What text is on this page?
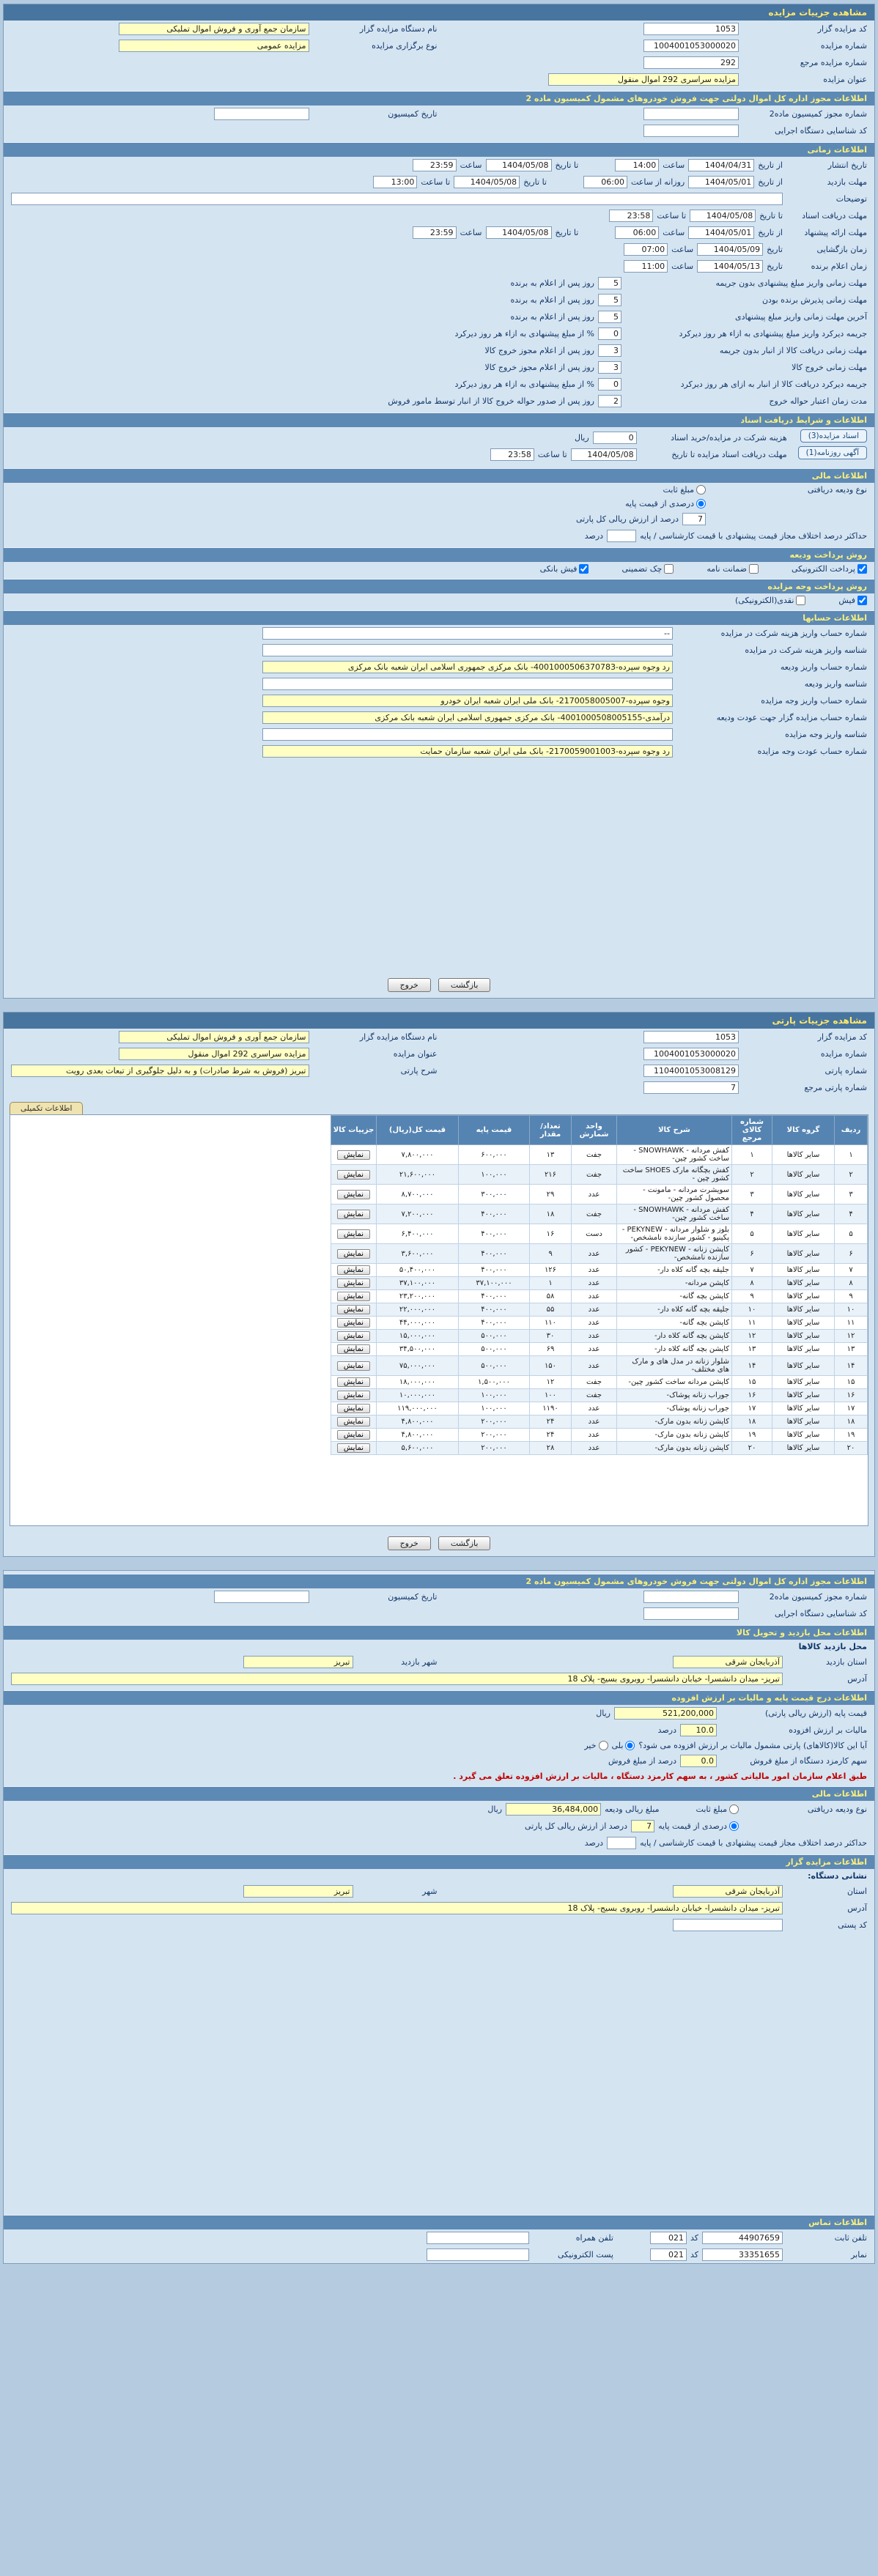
مشاهده جزییات مزایده
کد مزایده گزار
1053
نام دستگاه مزایده گزار
سازمان جمع آوری و فروش اموال تملیکی
شماره مزایده
1004001053000020
نوع برگزاری مزایده
مزایده عمومی
شماره مزایده مرجع
292
عنوان مزایده
مزایده سراسری 292 اموال منقول
اطلاعات مجوز اداره کل اموال دولتی جهت فروش خودروهای مشمول کمیسیون ماده 2
شماره مجوز کمیسیون ماده2
تاریخ کمیسیون
کد شناسایی دستگاه اجرایی
اطلاعات زمانی
تاریخ انتشار
از تاریخ
1404/04/31
ساعت
14:00
تا تاریخ
1404/05/08
ساعت
23:59
مهلت بازدید
از تاریخ
1404/05/01
روزانه از ساعت
06:00
تا تاریخ
1404/05/08
تا ساعت
13:00
توضیحات
مهلت دریافت اسناد
تا تاریخ
1404/05/08
تا ساعت
23:58
مهلت ارائه پیشنهاد
از تاریخ
1404/05/01
ساعت
06:00
تا تاریخ
1404/05/08
ساعت
23:59
زمان بازگشایی
تاریخ
1404/05/09
ساعت
07:00
زمان اعلام برنده
تاریخ
1404/05/13
ساعت
11:00
مهلت زمانی واریز مبلغ پیشنهادی بدون جریمه
5
روز پس از اعلام به برنده
مهلت زمانی پذیرش برنده بودن
5
روز پس از اعلام به برنده
آخرین مهلت زمانی واریز مبلغ پیشنهادی
5
روز پس از اعلام به برنده
جریمه دیرکرد واریز مبلغ پیشنهادی به ازاء هر روز دیرکرد
0
% از مبلغ پیشنهادی به ازاء هر روز دیرکرد
مهلت زمانی دریافت کالا از انبار بدون جریمه
3
روز پس از اعلام مجوز خروج کالا
مهلت زمانی خروج کالا
3
روز پس از اعلام مجوز خروج کالا
جریمه دیرکرد دریافت کالا از انبار به ازای هر روز دیرکرد
0
% از مبلغ پیشنهادی به ازاء هر روز دیرکرد
مدت زمان اعتبار حواله خروج
2
روز پس از صدور حواله خروج کالا از انبار توسط مامور فروش
اطلاعات و شرایط دریافت اسناد
اسناد مزایده(3)
آگهی روزنامه(1)
هزینه شرکت در مزایده/خرید اسناد
0
ریال
مهلت دریافت اسناد مزایده تا تاریخ
1404/05/08
تا ساعت
23:58
اطلاعات مالی
نوع ودیعه دریافتی
مبلغ ثابت
درصدی از قیمت پایه
7
درصد از ارزش ریالی کل پارتی
حداکثر درصد اختلاف مجاز قیمت پیشنهادی با قیمت کارشناسی / پایه
درصد
روش پرداخت ودیعه
پرداخت الکترونیکی
ضمانت نامه
چک تضمینی
فیش بانکی
روش پرداخت وجه مزایده
فیش
نقدی(الکترونیکی)
اطلاعات حسابها
شماره حساب واریز هزینه شرکت در مزایده
--
شناسه واریز هزینه شرکت در مزایده
شماره حساب واریز ودیعه
رد وجوه سپرده-4001000506370783- بانک مرکزی جمهوری اسلامی ایران شعبه بانک مرکزی
شناسه واریز ودیعه
شماره حساب واریز وجه مزایده
وجوه سپرده-2170058005007- بانک ملی ایران شعبه ایران خودرو
شماره حساب مزایده گزار جهت عودت ودیعه
درآمدی-4001000508005155- بانک مرکزی جمهوری اسلامی ایران شعبه بانک مرکزی
شناسه واریز وجه مزایده
شماره حساب عودت وجه مزایده
رد وجوه سپرده-2170059001003- بانک ملی ایران شعبه سازمان حمایت
بازگشت
خروج
مشاهده جزییات پارتی
کد مزایده گزار
1053
نام دستگاه مزایده گزار
سازمان جمع آوری و فروش اموال تملیکی
شماره مزایده
1004001053000020
عنوان مزایده
مزایده سراسری 292 اموال منقول
شماره پارتی
1104001053008129
شرح پارتی
تبریز (فروش به شرط صادرات) و به دلیل جلوگیری از تبعات بعدی رویت
شماره پارتی مرجع
7
اطلاعات تکمیلی
ردیف	گروه کالا	شماره کالای مرجع	شرح کالا	واحد شمارش	تعداد/ مقدار	قیمت پایه	قیمت کل(ریال)	جزییات کالا
۱	سایر کالاها	۱	کفش مردانه - SNOWHAWK - ساخت کشور چین-	جفت	۱۳	۶۰۰,۰۰۰	۷,۸۰۰,۰۰۰	نمایش
۲	سایر کالاها	۲	کفش بچگانه مارک SHOES ساخت کشور چین -	جفت	۲۱۶	۱۰۰,۰۰۰	۲۱,۶۰۰,۰۰۰	نمایش
۳	سایر کالاها	۳	سویشرت مردانه - مامونت - محصول کشور چین-	عدد	۲۹	۳۰۰,۰۰۰	۸,۷۰۰,۰۰۰	نمایش
۴	سایر کالاها	۴	کفش مردانه - SNOWHAWK - ساخت کشور چین-	جفت	۱۸	۴۰۰,۰۰۰	۷,۲۰۰,۰۰۰	نمایش
۵	سایر کالاها	۵	بلوز و شلوار مردانه - PEKYNEW - پکینیو - کشور سازنده نامشخص-	دست	۱۶	۴۰۰,۰۰۰	۶,۴۰۰,۰۰۰	نمایش
۶	سایر کالاها	۶	کاپشن زنانه - PEKYNEW - کشور سازنده نامشخص-	عدد	۹	۴۰۰,۰۰۰	۳,۶۰۰,۰۰۰	نمایش
۷	سایر کالاها	۷	جلیقه بچه گانه کلاه دار-	عدد	۱۲۶	۴۰۰,۰۰۰	۵۰,۴۰۰,۰۰۰	نمایش
۸	سایر کالاها	۸	کاپشن مردانه-	عدد	۱	۳۷,۱۰۰,۰۰۰	۳۷,۱۰۰,۰۰۰	نمایش
۹	سایر کالاها	۹	کاپشن بچه گانه-	عدد	۵۸	۴۰۰,۰۰۰	۲۳,۲۰۰,۰۰۰	نمایش
۱۰	سایر کالاها	۱۰	جلیقه بچه گانه کلاه دار-	عدد	۵۵	۴۰۰,۰۰۰	۲۲,۰۰۰,۰۰۰	نمایش
۱۱	سایر کالاها	۱۱	کاپشن بچه گانه-	عدد	۱۱۰	۴۰۰,۰۰۰	۴۴,۰۰۰,۰۰۰	نمایش
۱۲	سایر کالاها	۱۲	کاپشن بچه گانه کلاه دار-	عدد	۳۰	۵۰۰,۰۰۰	۱۵,۰۰۰,۰۰۰	نمایش
۱۳	سایر کالاها	۱۳	کاپشن بچه گانه کلاه دار-	عدد	۶۹	۵۰۰,۰۰۰	۳۴,۵۰۰,۰۰۰	نمایش
۱۴	سایر کالاها	۱۴	شلوار زنانه در مدل های و مارک های مختلف-	عدد	۱۵۰	۵۰۰,۰۰۰	۷۵,۰۰۰,۰۰۰	نمایش
۱۵	سایر کالاها	۱۵	کاپشن مردانه ساخت کشور چین-	جفت	۱۲	۱,۵۰۰,۰۰۰	۱۸,۰۰۰,۰۰۰	نمایش
۱۶	سایر کالاها	۱۶	جوراب زنانه پوشاک-	جفت	۱۰۰	۱۰۰,۰۰۰	۱۰,۰۰۰,۰۰۰	نمایش
۱۷	سایر کالاها	۱۷	جوراب زنانه پوشاک-	عدد	۱۱۹۰	۱۰۰,۰۰۰	۱۱۹,۰۰۰,۰۰۰	نمایش
۱۸	سایر کالاها	۱۸	کاپشن زنانه بدون مارک-	عدد	۲۴	۲۰۰,۰۰۰	۴,۸۰۰,۰۰۰	نمایش
۱۹	سایر کالاها	۱۹	کاپشن زنانه بدون مارک-	عدد	۲۴	۲۰۰,۰۰۰	۴,۸۰۰,۰۰۰	نمایش
۲۰	سایر کالاها	۲۰	کاپشن زنانه بدون مارک-	عدد	۲۸	۲۰۰,۰۰۰	۵,۶۰۰,۰۰۰	نمایش
بازگشت
خروج
اطلاعات مجوز اداره کل اموال دولتی جهت فروش خودروهای مشمول کمیسیون ماده 2
شماره مجوز کمیسیون ماده2
تاریخ کمیسیون
کد شناسایی دستگاه اجرایی
اطلاعات محل بازدید و تحویل کالا
محل بازدید کالاها
استان بازدید
آذربایجان شرقی
شهر بازدید
تبریز
آدرس
تبریز- میدان دانشسرا- خیابان دانشسرا- روبروی بسیج- پلاک 18
اطلاعات درج قیمت پایه و مالیات بر ارزش افزوده
قیمت پایه (ارزش ریالی پارتی)
521,200,000
ریال
مالیات بر ارزش افزوده
10.0
درصد
آیا این کالا(کالاهای) پارتی مشمول مالیات بر ارزش افزوده می شود؟
بلی
خیر
سهم کارمزد دستگاه از مبلغ فروش
0.0
درصد از مبلغ فروش
طبق اعلام سازمان امور مالیاتی کشور ، به سهم کارمزد دستگاه ، مالیات بر ارزش افزوده تعلق می گیرد .
اطلاعات مالی
نوع ودیعه دریافتی
مبلغ ثابت
مبلغ ریالی ودیعه
36,484,000
ریال
درصدی از قیمت پایه
7
درصد از ارزش ریالی کل پارتی
حداکثر درصد اختلاف مجاز قیمت پیشنهادی با قیمت کارشناسی / پایه
درصد
اطلاعات مزایده گزار
نشانی دستگاه:
استان
آذربایجان شرقی
شهر
تبریز
آدرس
تبریز- میدان دانشسرا- خیابان دانشسرا- روبروی بسیج- پلاک 18
کد پستی
اطلاعات تماس
تلفن ثابت
44907659
کد
021
تلفن همراه
نمابر
33351655
کد
021
پست الکترونیکی
